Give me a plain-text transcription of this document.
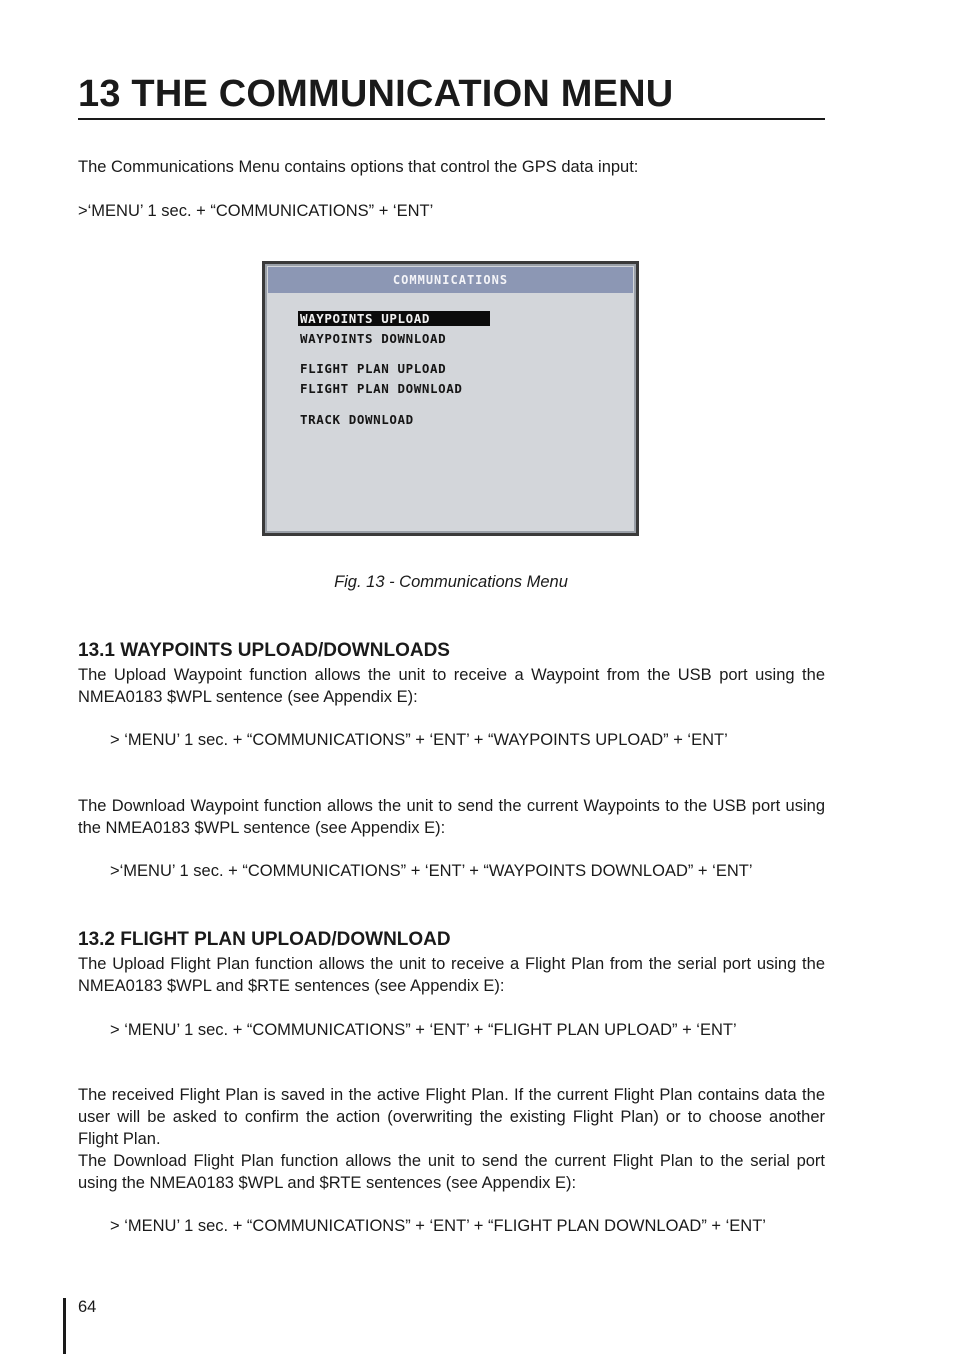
13 THE COMMUNICATION MENU

The Communications Menu contains options that control the GPS data input:

>‘MENU’ 1 sec. + “COMMUNICATIONS” + ‘ENT’

COMMUNICATIONS
WAYPOINTS UPLOAD
WAYPOINTS DOWNLOAD
FLIGHT PLAN UPLOAD
FLIGHT PLAN DOWNLOAD
TRACK DOWNLOAD

Fig. 13 - Communications Menu

13.1 WAYPOINTS UPLOAD/DOWNLOADS

The Upload Waypoint function allows the unit to receive a Waypoint from the USB port using the NMEA0183 $WPL sentence (see Appendix E):

> ‘MENU’ 1 sec. + “COMMUNICATIONS” + ‘ENT’ + “WAYPOINTS UPLOAD” + ‘ENT’

The Download Waypoint function allows the unit to send the current Waypoints to the USB port using the NMEA0183 $WPL sentence (see Appendix E):

>‘MENU’ 1 sec. + “COMMUNICATIONS” + ‘ENT’ + “WAYPOINTS DOWNLOAD” + ‘ENT’

13.2 FLIGHT PLAN UPLOAD/DOWNLOAD

The Upload Flight Plan function allows the unit to receive a Flight Plan from the serial port using the NMEA0183 $WPL and $RTE sentences (see Appendix E):

> ‘MENU’ 1 sec. + “COMMUNICATIONS” + ‘ENT’ + “FLIGHT PLAN UPLOAD” + ‘ENT’

The received Flight Plan is saved in the active Flight Plan. If the current Flight Plan contains data the user will be asked to confirm the action (overwriting the existing Flight Plan) or to choose another Flight Plan.

The Download Flight Plan function allows the unit to send the current Flight Plan to the serial port using the NMEA0183 $WPL and $RTE sentences (see Appendix E):

> ‘MENU’ 1 sec. + “COMMUNICATIONS” + ‘ENT’ + “FLIGHT PLAN DOWNLOAD” + ‘ENT’

64
